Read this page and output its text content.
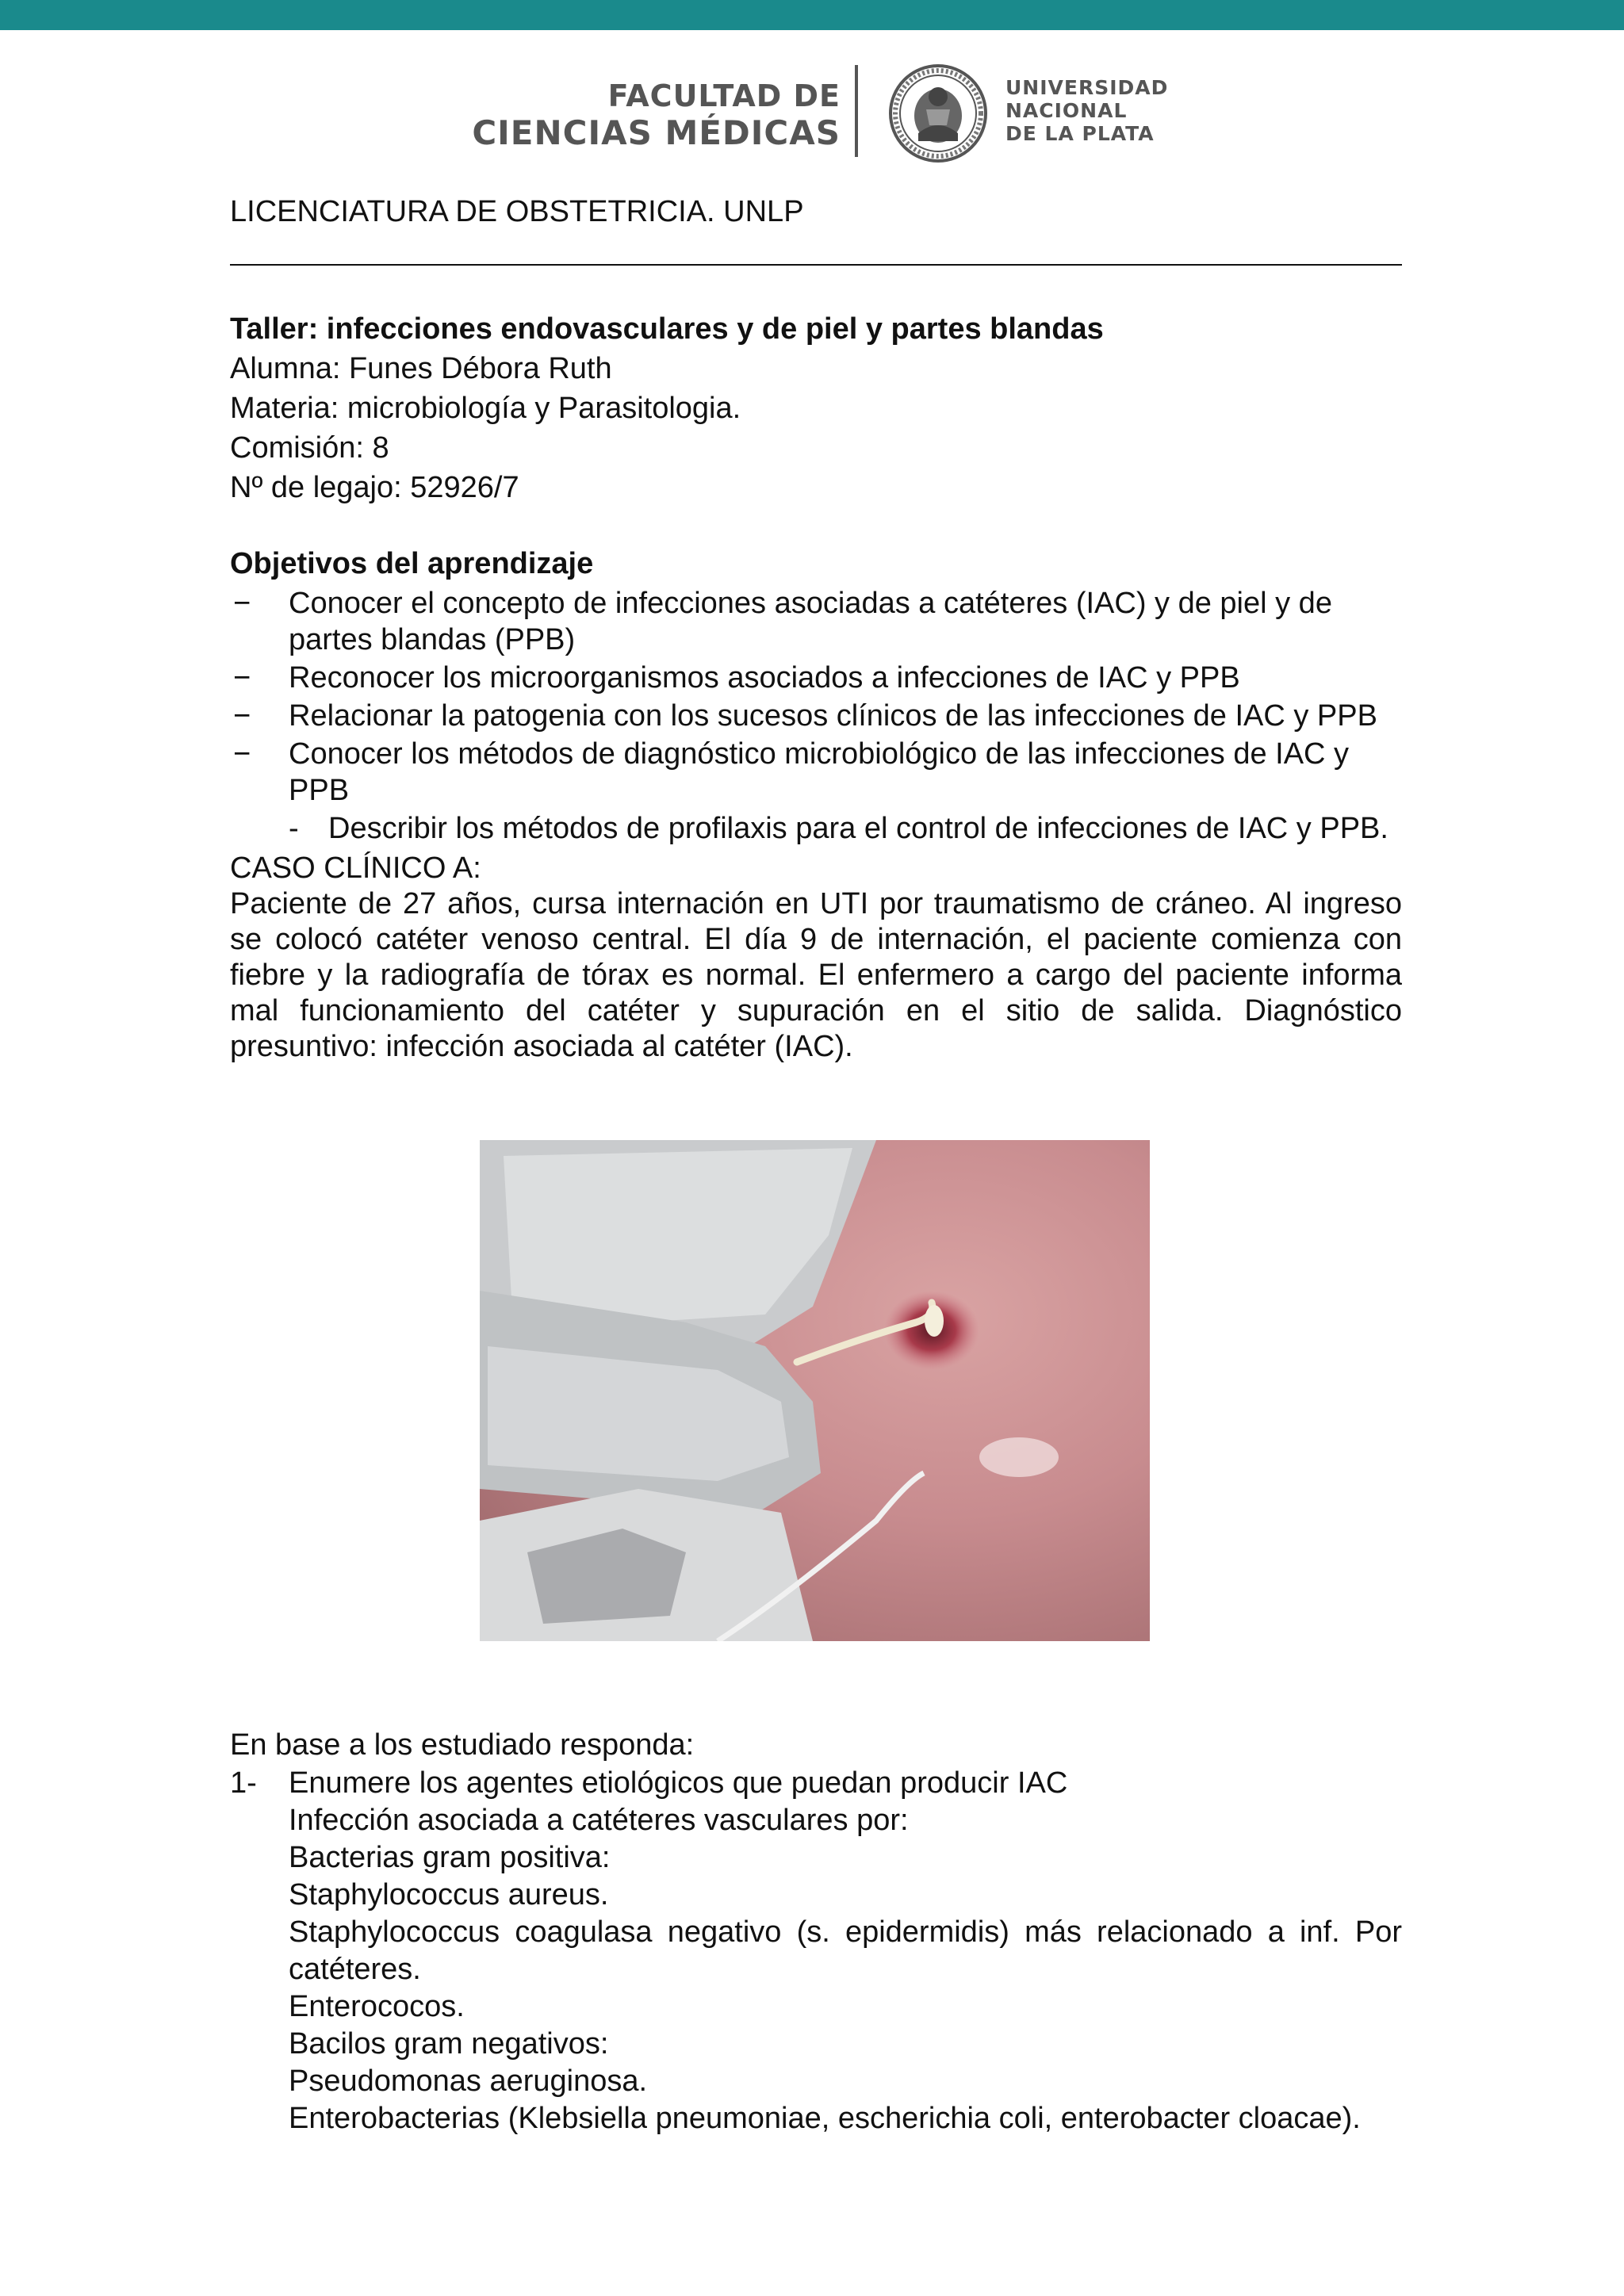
FACULTAD DE
CIENCIAS MÉDICAS
UNIVERSIDAD
NACIONAL
DE LA PLATA
LICENCIATURA DE OBSTETRICIA. UNLP
Taller: infecciones endovasculares y de piel y partes blandas
Alumna: Funes Débora Ruth
Materia: microbiología y Parasitologia.
Comisión: 8
Nº de legajo: 52926/7
Objetivos del aprendizaje
− Conocer el concepto de infecciones asociadas a catéteres (IAC) y de piel y de partes blandas (PPB)
− Reconocer los microorganismos asociados a infecciones de IAC y PPB
− Relacionar la patogenia con los sucesos clínicos de las infecciones de IAC y PPB
− Conocer los métodos de diagnóstico microbiológico de las infecciones de IAC y PPB
- Describir los métodos de profilaxis para el control de infecciones de IAC y PPB.
CASO CLÍNICO A:

Paciente de 27 años, cursa internación en UTI por traumatismo de cráneo. Al ingreso se colocó catéter venoso central. El día 9 de internación, el paciente comienza con fiebre y la radiografía de tórax es normal. El enfermero a cargo del paciente informa mal funcionamiento del catéter y supuración en el sitio de salida. Diagnóstico presuntivo: infección asociada al catéter (IAC).

En base a los estudiado responda:
1- Enumere los agentes etiológicos que puedan producir IAC
Infección asociada a catéteres vasculares por:
Bacterias gram positiva:
Staphylococcus aureus.
Staphylococcus coagulasa negativo (s. epidermidis) más relacionado a inf. Por catéteres.
Enterococos.
Bacilos gram negativos:
Pseudomonas aeruginosa.
Enterobacterias (Klebsiella pneumoniae, escherichia coli, enterobacter cloacae).
